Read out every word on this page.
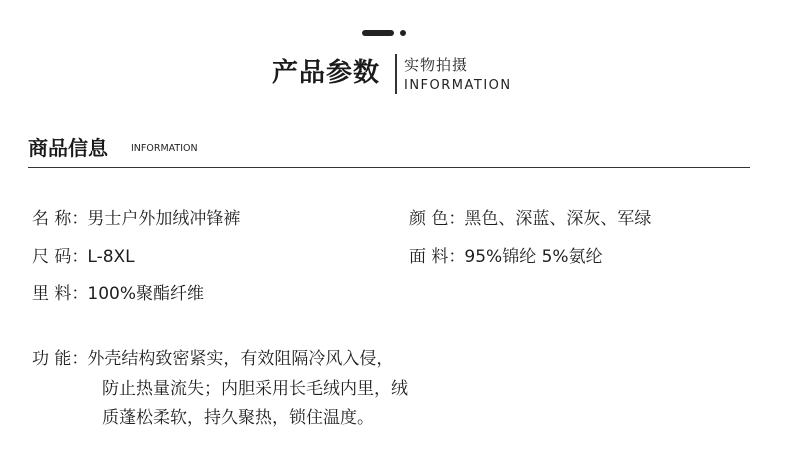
产品参数 实物拍摄
INFORMATION
商品信息 INFORMATION
名 称：男士户外加绒冲锋裤
尺 码：L-8XL
里 料：100%聚酯纤维
颜 色：黑色、深蓝、深灰、军绿
面 料：95%锦纶 5%氨纶
功 能：外壳结构致密紧实，有效阻隔冷风入侵，
防止热量流失；内胆采用长毛绒内里，绒
质蓬松柔软，持久聚热，锁住温度。
